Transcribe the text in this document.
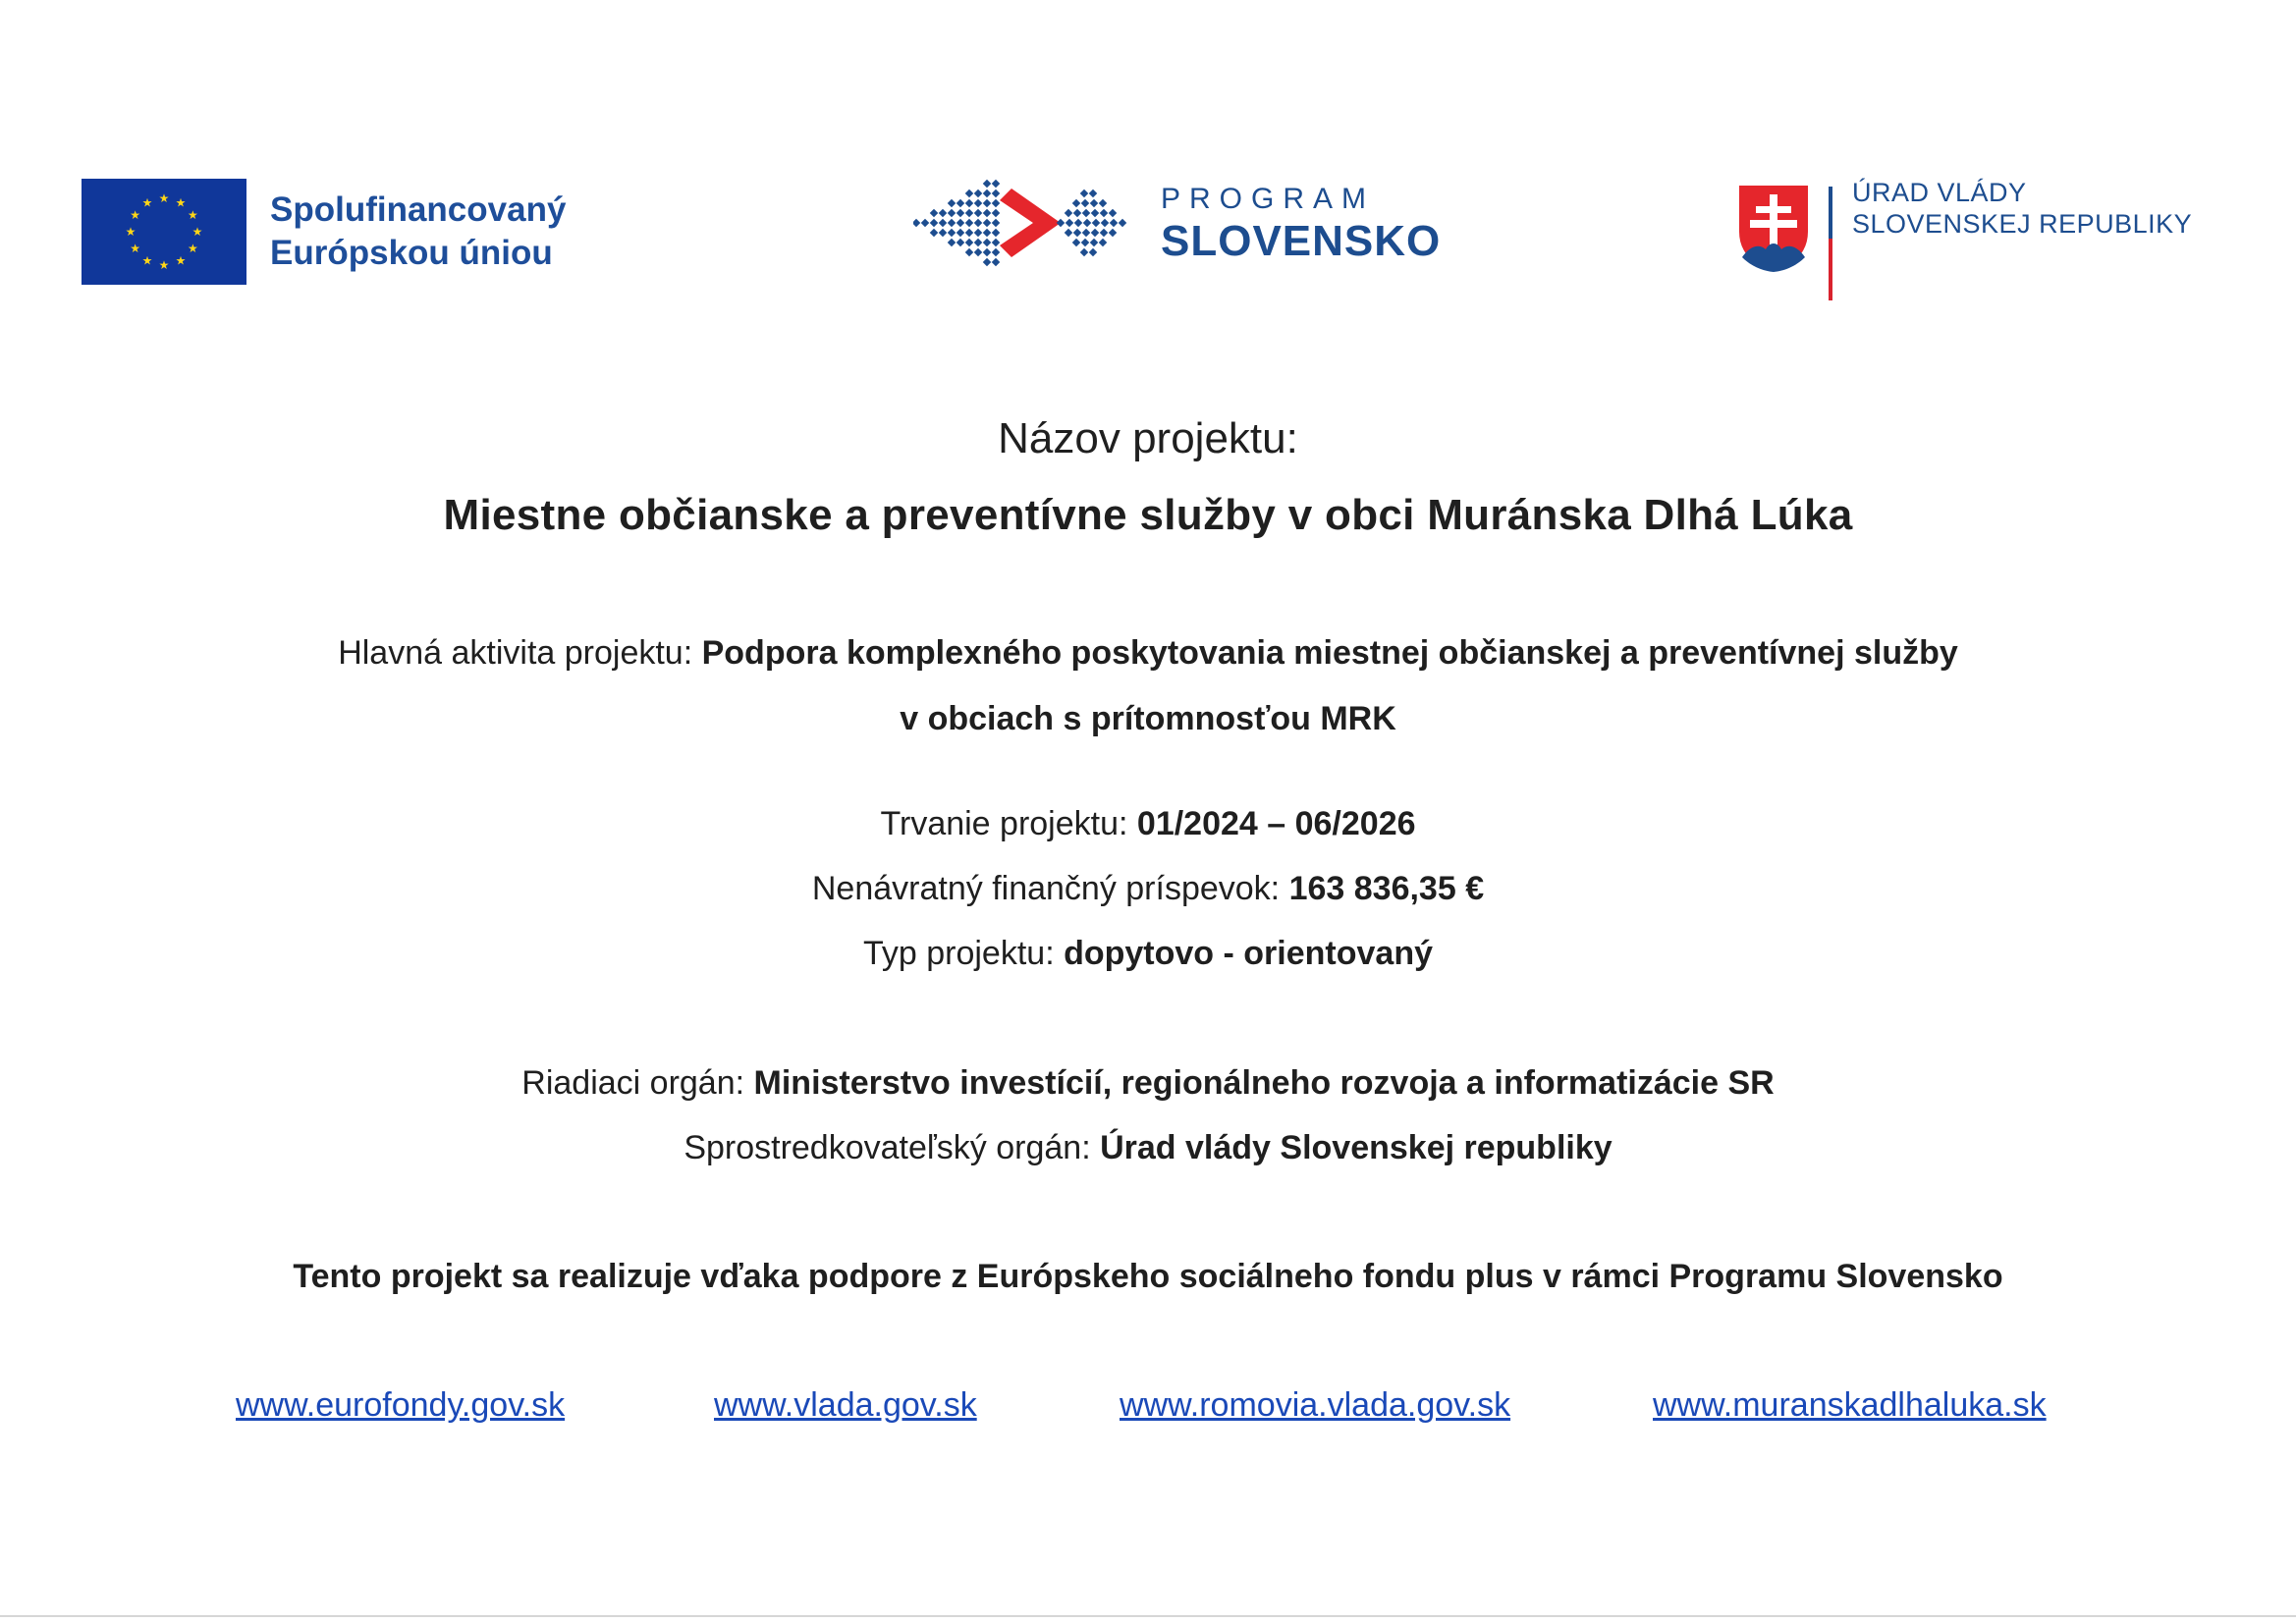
★ ★
★
★
★
★
★
★
★
★
★
★	Spolufinancovaný
Európskou úniou
PROGRAM
SLOVENSKO
ÚRAD VLÁDY
SLOVENSKEJ REPUBLIKY
Názov projektu:
Miestne občianske a preventívne služby v obci Muránska Dlhá Lúka
Hlavná aktivita projektu: Podpora komplexného poskytovania miestnej občianskej a preventívnej služby
v obciach s prítomnosťou MRK
Trvanie projektu: 01/2024 – 06/2026
Nenávratný finančný príspevok: 163 836,35 €
Typ projektu: dopytovo - orientovaný
Riadiaci orgán: Ministerstvo investícií, regionálneho rozvoja a informatizácie SR
Sprostredkovateľský orgán: Úrad vlády Slovenskej republiky
Tento projekt sa realizuje vďaka podpore z Európskeho sociálneho fondu plus v rámci Programu Slovensko
www.eurofondy.gov.sk	www.vlada.gov.sk	www.romovia.vlada.gov.sk	www.muranskadlhaluka.sk
